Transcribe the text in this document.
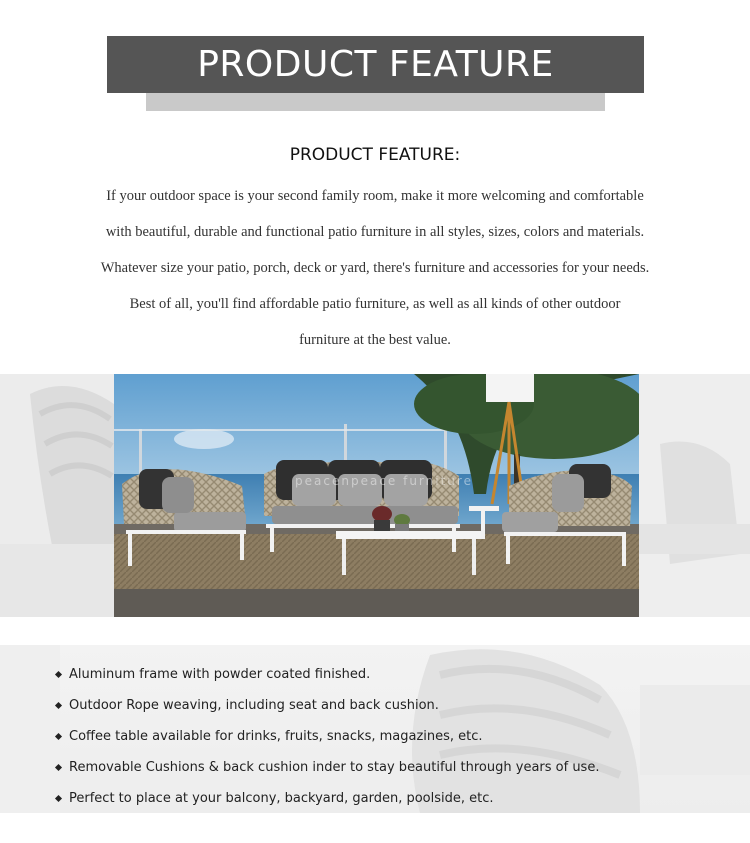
PRODUCT FEATURE
PRODUCT FEATURE:
If your outdoor space is your second family room, make it more welcoming and comfortable
with beautiful, durable and functional patio furniture in all styles, sizes, colors and materials.
Whatever size your patio, porch, deck or yard, there's furniture and accessories for your needs.
Best of all, you'll find affordable patio furniture, as well as all kinds of other outdoor
furniture at the best value.
peacenpeace furniture
Aluminum frame with powder coated finished.
Outdoor Rope weaving, including seat and back cushion.
Coffee table available for drinks, fruits, snacks, magazines, etc.
Removable Cushions & back cushion inder to stay beautiful through years of use.
Perfect to place at your balcony, backyard, garden, poolside, etc.
